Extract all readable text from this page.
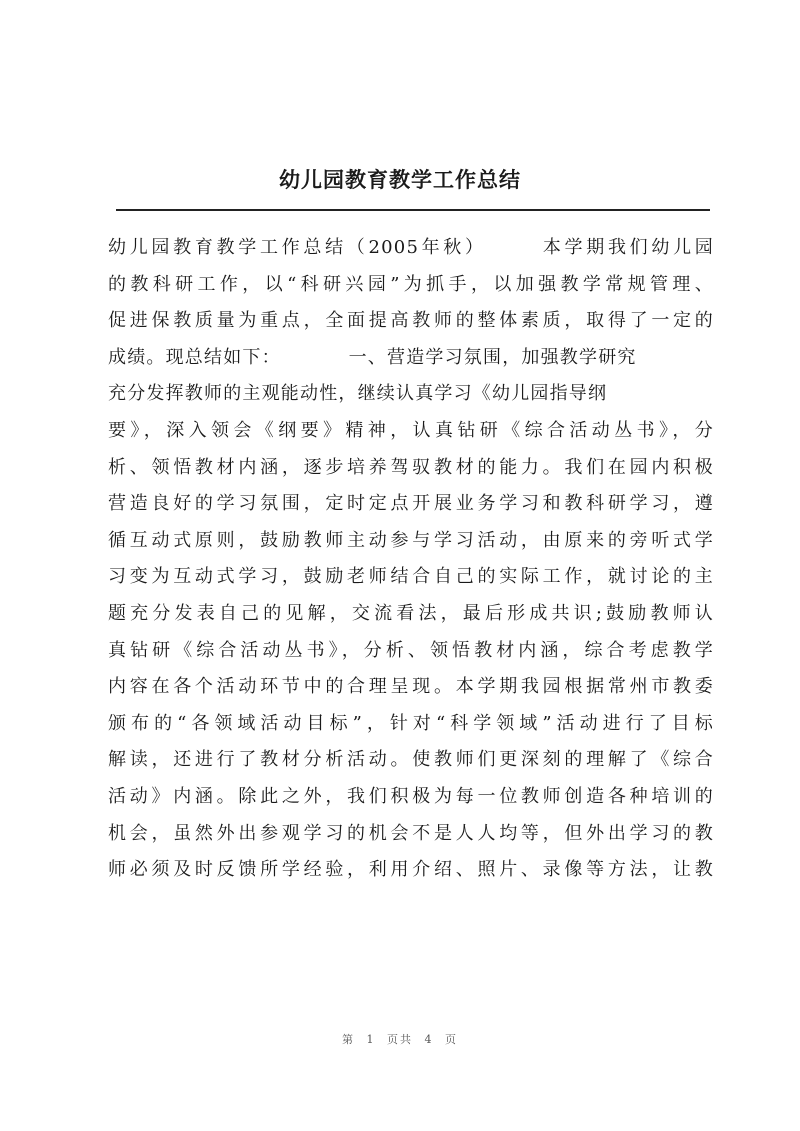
幼儿园教育教学工作总结
幼儿园教育教学工作总结（2005年秋）　　　本学期我们幼儿园
的教科研工作，以“科研兴园”为抓手，以加强教学常规管理、
促进保教质量为重点，全面提高教师的整体素质，取得了一定的
成绩。现总结如下：　　　　一、营造学习氛围，加强教学研究
充分发挥教师的主观能动性，继续认真学习《幼儿园指导纲
要》，深入领会《纲要》精神，认真钻研《综合活动丛书》，分
析、领悟教材内涵，逐步培养驾驭教材的能力。我们在园内积极
营造良好的学习氛围，定时定点开展业务学习和教科研学习，遵
循互动式原则，鼓励教师主动参与学习活动，由原来的旁听式学
习变为互动式学习，鼓励老师结合自己的实际工作，就讨论的主
题充分发表自己的见解，交流看法，最后形成共识;鼓励教师认
真钻研《综合活动丛书》，分析、领悟教材内涵，综合考虑教学
内容在各个活动环节中的合理呈现。本学期我园根据常州市教委
颁布的“各领域活动目标”，针对“科学领域”活动进行了目标
解读，还进行了教材分析活动。使教师们更深刻的理解了《综合
活动》内涵。除此之外，我们积极为每一位教师创造各种培训的
机会，虽然外出参观学习的机会不是人人均等，但外出学习的教
师必须及时反馈所学经验，利用介绍、照片、录像等方法，让教
第 1 页共 4 页
